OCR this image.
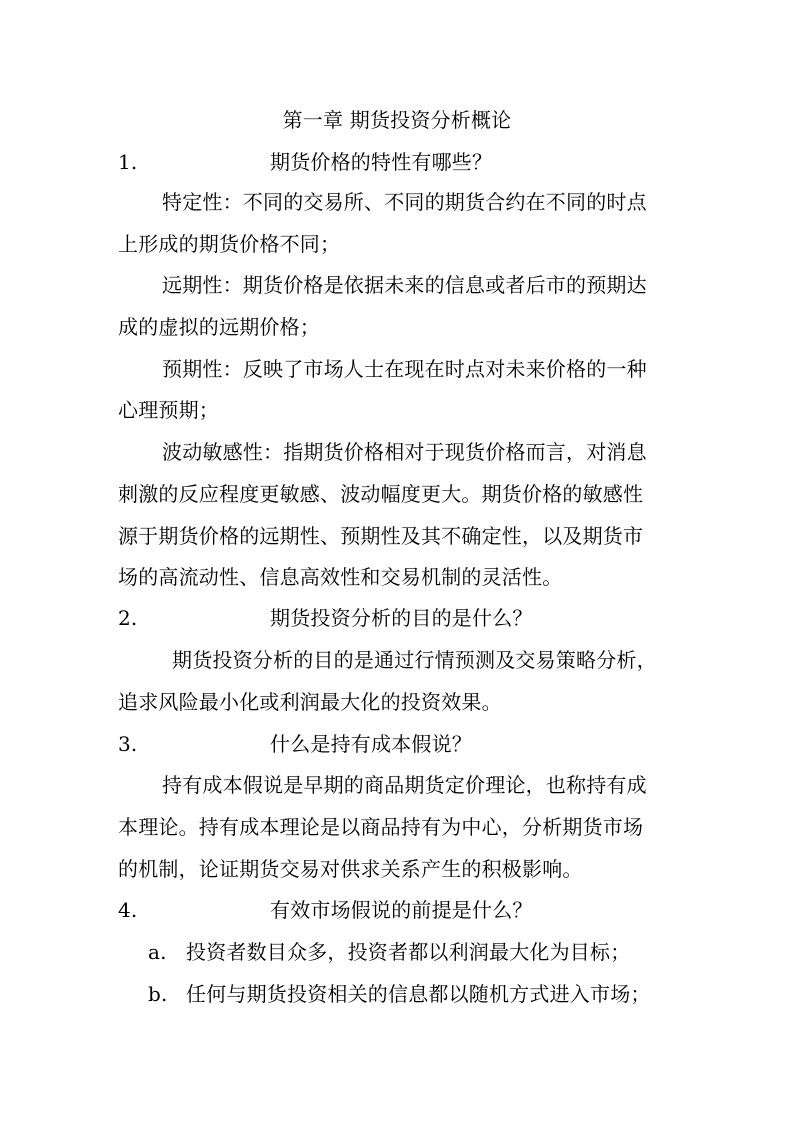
第一章 期货投资分析概论
1.	期货价格的特性有哪些？
特定性：不同的交易所、不同的期货合约在不同的时点
上形成的期货价格不同；
远期性：期货价格是依据未来的信息或者后市的预期达
成的虚拟的远期价格；
预期性：反映了市场人士在现在时点对未来价格的一种
心理预期；
波动敏感性：指期货价格相对于现货价格而言，对消息
刺激的反应程度更敏感、波动幅度更大。期货价格的敏感性
源于期货价格的远期性、预期性及其不确定性，以及期货市
场的高流动性、信息高效性和交易机制的灵活性。
2.	期货投资分析的目的是什么？
期货投资分析的目的是通过行情预测及交易策略分析，
追求风险最小化或利润最大化的投资效果。
3.	什么是持有成本假说？
持有成本假说是早期的商品期货定价理论，也称持有成
本理论。持有成本理论是以商品持有为中心，分析期货市场
的机制，论证期货交易对供求关系产生的积极影响。
4.	有效市场假说的前提是什么？
a. 投资者数目众多，投资者都以利润最大化为目标；
b. 任何与期货投资相关的信息都以随机方式进入市场；
